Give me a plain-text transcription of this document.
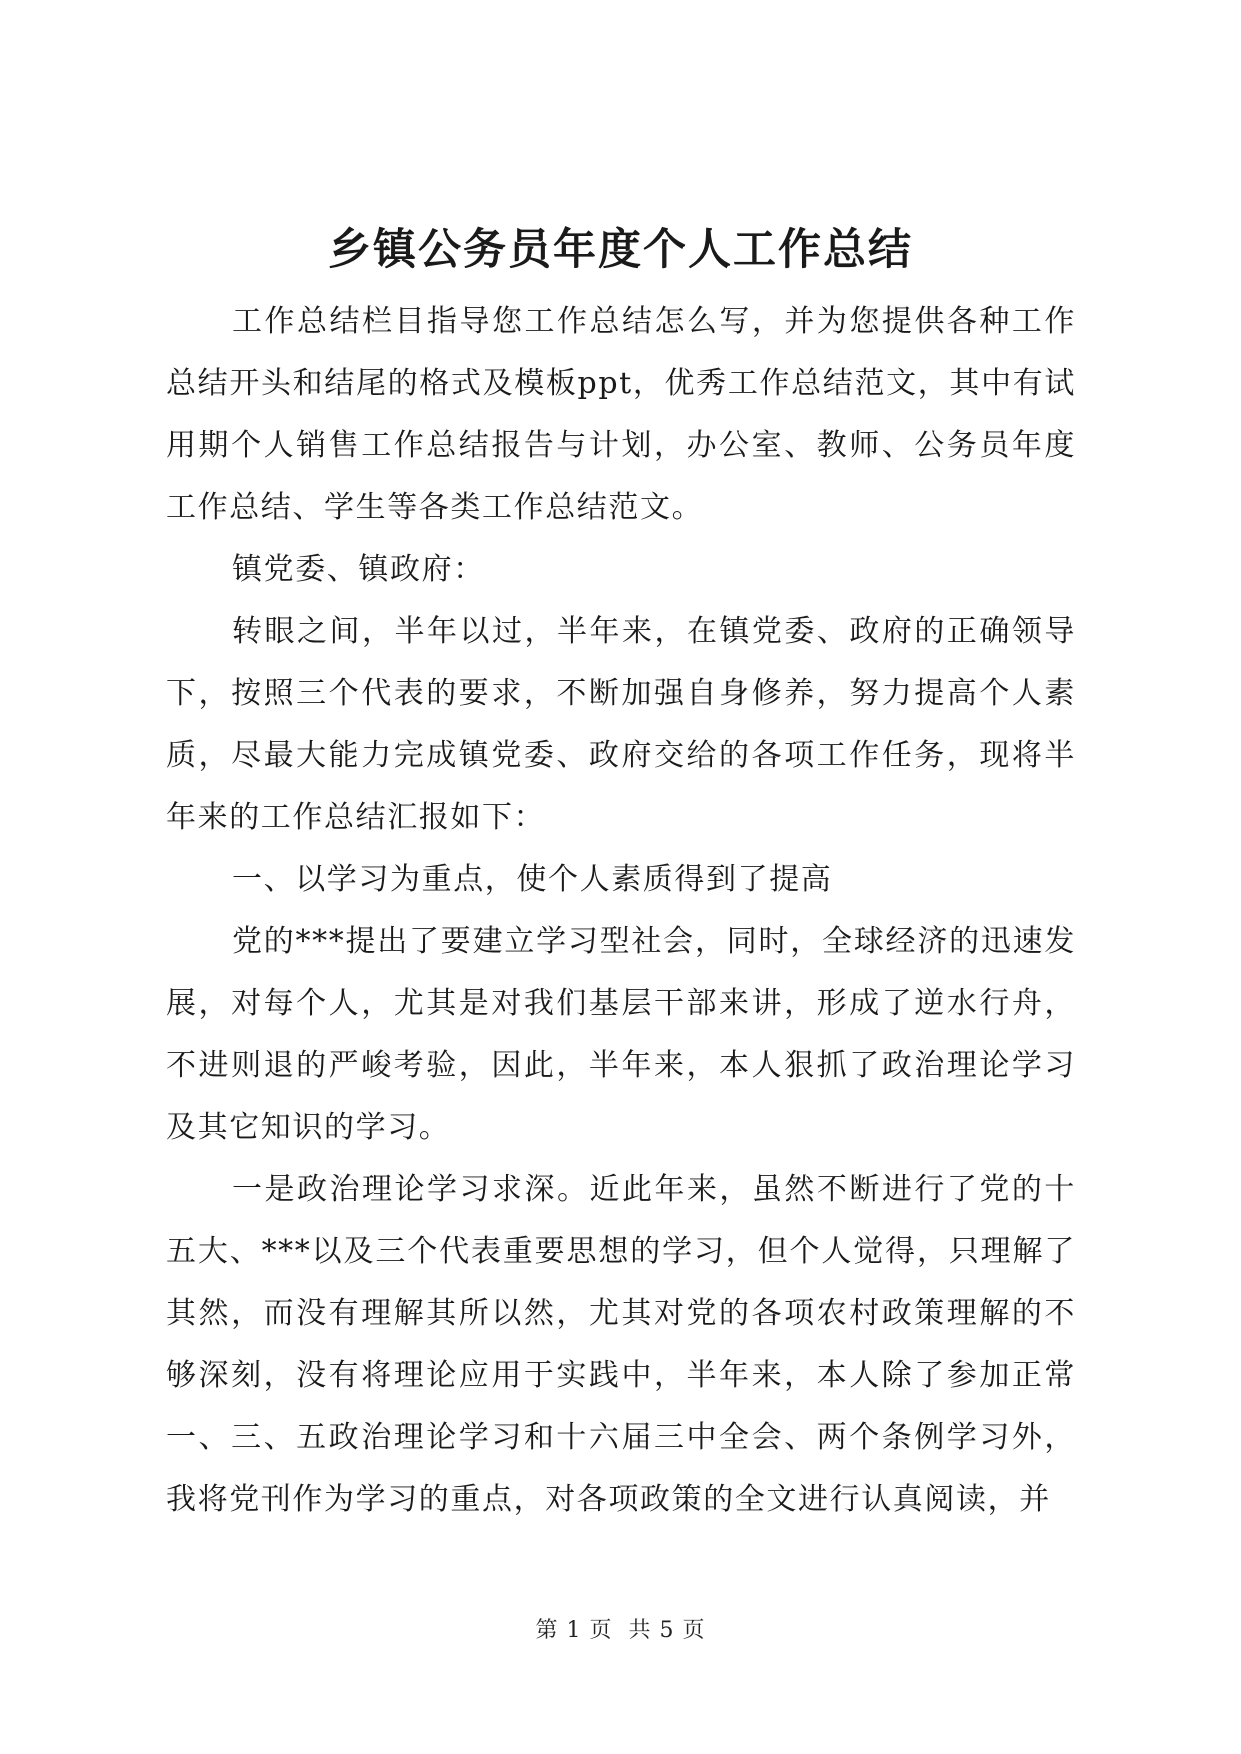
乡镇公务员年度个人工作总结

工作总结栏目指导您工作总结怎么写，并为您提供各种工作总结开头和结尾的格式及模板ppt，优秀工作总结范文，其中有试用期个人销售工作总结报告与计划，办公室、教师、公务员年度工作总结、学生等各类工作总结范文。

镇党委、镇政府：

转眼之间，半年以过，半年来，在镇党委、政府的正确领导下，按照三个代表的要求，不断加强自身修养，努力提高个人素质，尽最大能力完成镇党委、政府交给的各项工作任务，现将半年来的工作总结汇报如下：

一、以学习为重点，使个人素质得到了提高

党的***提出了要建立学习型社会，同时，全球经济的迅速发展，对每个人，尤其是对我们基层干部来讲，形成了逆水行舟，不进则退的严峻考验，因此，半年来，本人狠抓了政治理论学习及其它知识的学习。

一是政治理论学习求深。近此年来，虽然不断进行了党的十五大、***以及三个代表重要思想的学习，但个人觉得，只理解了其然，而没有理解其所以然，尤其对党的各项农村政策理解的不够深刻，没有将理论应用于实践中，半年来，本人除了参加正常一、三、五政治理论学习和十六届三中全会、两个条例学习外，我将党刊作为学习的重点，对各项政策的全文进行认真阅读，并

第 1 页 共 5 页
